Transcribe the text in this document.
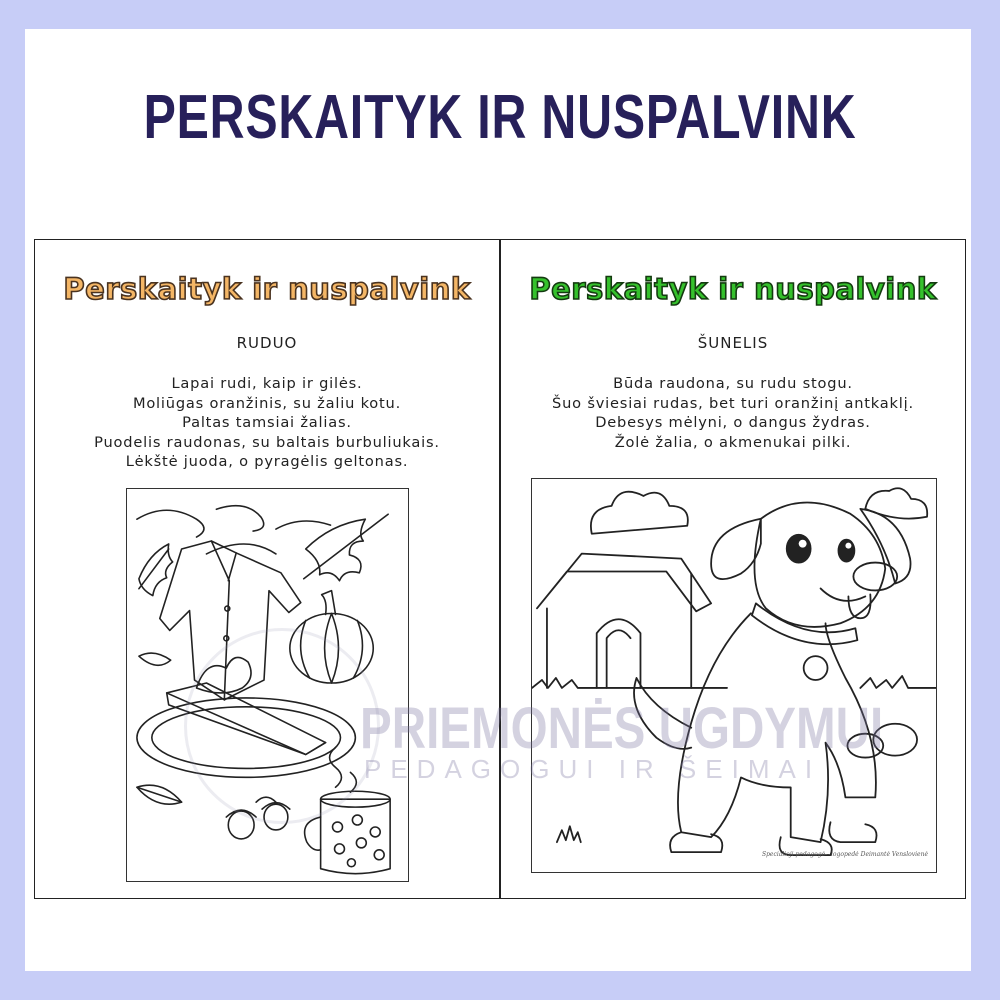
PERSKAITYK IR NUSPALVINK
Perskaityk ir nuspalvink
RUDUO
Lapai rudi, kaip ir gilės.
Moliūgas oranžinis, su žaliu kotu.
Paltas tamsiai žalias.
Puodelis raudonas, su baltais burbuliukais.
Lėkštė juoda, o pyragėlis geltonas.
Perskaityk ir nuspalvink
ŠUNELIS
Būda raudona, su rudu stogu.
Šuo šviesiai rudas, bet turi oranžinį antkaklį.
Debesys mėlyni, o dangus žydras.
Žolė žalia, o akmenukai pilki.
Specialioji pedagogė - logopedė Deimantė Venslovienė
PRIEMONĖS UGDYMUI
PEDAGOGUI IR ŠEIMAI
